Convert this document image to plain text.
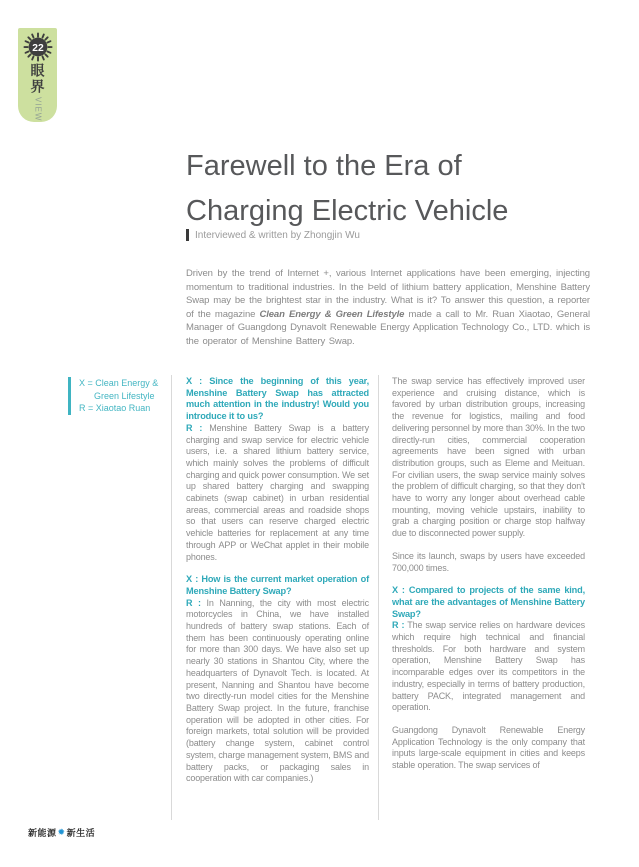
22
眼界
VIEW
Farewell to the Era of
Charging Electric Vehicle
Interviewed & written by Zhongjin Wu

Driven by the trend of Internet +, various Internet applications have been emerging, injecting momentum to traditional industries. In the Þeld of lithium battery application, Menshine Battery Swap may be the brightest star in the industry. What is it? To answer this question, a reporter of the magazine Clean Energy & Green Lifestyle made a call to Mr. Ruan Xiaotao, General Manager of Guangdong Dynavolt Renewable Energy Application Technology Co., LTD. which is the operator of Menshine Battery Swap.

X = Clean Energy &
Green Lifestyle
R = Xiaotao Ruan

X : Since the beginning of this year, Menshine Battery Swap has attracted much attention in the industry! Would you introduce it to us?

R : Menshine Battery Swap is a battery charging and swap service for electric vehicle users, i.e. a shared lithium battery service, which mainly solves the problems of difficult charging and quick power consumption. We set up shared battery charging and swapping cabinets (swap cabinet) in urban residential areas, commercial areas and roadside shops so that users can reserve charged electric vehicle batteries for replacement at any time through APP or WeChat applet in their mobile phones.

X : How is the current market operation of Menshine Battery Swap?

R : In Nanning, the city with most electric motorcycles in China, we have installed hundreds of battery swap stations. Each of them has been continuously operating online for more than 300 days. We have also set up nearly 30 stations in Shantou City, where the headquarters of Dynavolt Tech. is located. At present, Nanning and Shantou have become two directly-run model cities for the Menshine Battery Swap project. In the future, franchise operation will be adopted in other cities. For foreign markets, total solution will be provided (battery change system, cabinet control system, charge management system, BMS and battery packs, or packaging sales in cooperation with car companies.)

The swap service has effectively improved user experience and cruising distance, which is favored by urban distribution groups, increasing the revenue for logistics, mailing and food delivering personnel by more than 30%. In the two directly-run cities, commercial cooperation agreements have been signed with urban distribution groups, such as Eleme and Meituan. For civilian users, the swap service mainly solves the problem of difficult charging, so that they don't have to worry any longer about overhead cable mounting, moving vehicle upstairs, inability to grab a charging position or charge stop halfway due to disconnected power supply.

Since its launch, swaps by users have exceeded 700,000 times.

X : Compared to projects of the same kind, what are the advantages of Menshine Battery Swap?

R : The swap service relies on hardware devices which require high technical and financial thresholds. For both hardware and system operation, Menshine Battery Swap has incomparable edges over its competitors in the industry, especially in terms of battery production, battery PACK, integrated management and operation.

Guangdong Dynavolt Renewable Energy Application Technology is the only company that inputs large-scale equipment in cities and keeps stable operation. The swap services of

新能源 ✹ 新生活
